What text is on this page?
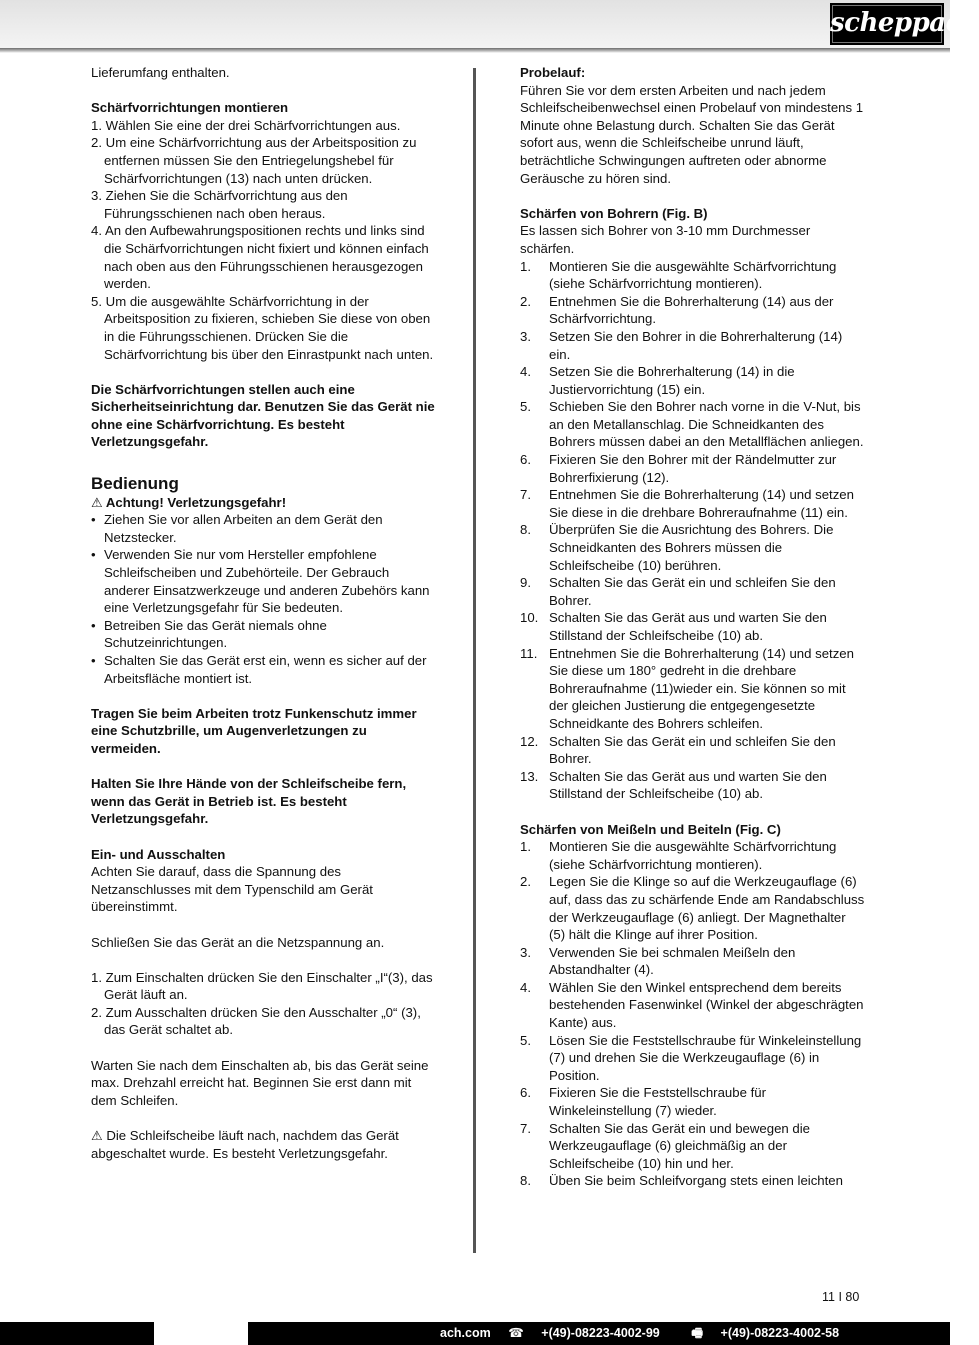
scheppach

Lieferumfang enthalten.

Schärfvorrichtungen montieren

1. Wählen Sie eine der drei Schärfvorrichtungen aus.
2. Um eine Schärfvorrichtung aus der Arbeitsposition zu entfernen müssen Sie den Entriegelungshebel für Schärfvorrichtungen (13) nach unten drücken.
3. Ziehen Sie die Schärfvorrichtung aus den Führungsschienen nach oben heraus.
4. An den Aufbewahrungspositionen rechts und links sind die Schärfvorrichtungen nicht fixiert und können einfach nach oben aus den Führungsschienen herausgezogen werden.
5. Um die ausgewählte Schärfvorrichtung in der Arbeitsposition zu fixieren, schieben Sie diese von oben in die Führungsschienen. Drücken Sie die Schärfvorrichtung bis über den Einrastpunkt nach unten.

Die Schärfvorrichtungen stellen auch eine Sicherheitseinrichtung dar. Benutzen Sie das Gerät nie ohne eine Schärfvorrichtung. Es besteht Verletzungsgefahr.

Bedienung

⚠ Achtung! Verletzungsgefahr!

• Ziehen Sie vor allen Arbeiten an dem Gerät den Netzstecker.
• Verwenden Sie nur vom Hersteller empfohlene Schleifscheiben und Zubehörteile. Der Gebrauch anderer Einsatzwerkzeuge und anderen Zubehörs kann eine Verletzungsgefahr für Sie bedeuten.
• Betreiben Sie das Gerät niemals ohne Schutzeinrichtungen.
• Schalten Sie das Gerät erst ein, wenn es sicher auf der Arbeitsfläche montiert ist.

Tragen Sie beim Arbeiten trotz Funkenschutz immer eine Schutzbrille, um Augenverletzungen zu vermeiden.

Halten Sie Ihre Hände von der Schleifscheibe fern, wenn das Gerät in Betrieb ist. Es besteht Verletzungsgefahr.

Ein- und Ausschalten

Achten Sie darauf, dass die Spannung des Netzanschlusses mit dem Typenschild am Gerät übereinstimmt.

Schließen Sie das Gerät an die Netzspannung an.

1. Zum Einschalten drücken Sie den Einschalter „I“(3), das Gerät läuft an.
2. Zum Ausschalten drücken Sie den Ausschalter „0“ (3), das Gerät schaltet ab.

Warten Sie nach dem Einschalten ab, bis das Gerät seine max. Drehzahl erreicht hat. Beginnen Sie erst dann mit dem Schleifen.

⚠ Die Schleifscheibe läuft nach, nachdem das Gerät abgeschaltet wurde. Es besteht Verletzungsgefahr.

Probelauf:

Führen Sie vor dem ersten Arbeiten und nach jedem Schleifscheibenwechsel einen Probelauf von mindestens 1 Minute ohne Belastung durch. Schalten Sie das Gerät sofort aus, wenn die Schleifscheibe unrund läuft, beträchtliche Schwingungen auftreten oder abnorme Geräusche zu hören sind.

Schärfen von Bohrern (Fig. B)

Es lassen sich Bohrer von 3-10 mm Durchmesser schärfen.

1. Montieren Sie die ausgewählte Schärfvorrichtung (siehe Schärfvorrichtung montieren).
2. Entnehmen Sie die Bohrerhalterung (14) aus der Schärfvorrichtung.
3. Setzen Sie den Bohrer in die Bohrerhalterung (14) ein.
4. Setzen Sie die Bohrerhalterung (14) in die Justiervorrichtung (15) ein.
5. Schieben Sie den Bohrer nach vorne in die V-Nut, bis an den Metallanschlag. Die Schneidkanten des Bohrers müssen dabei an den Metallflächen anliegen.
6. Fixieren Sie den Bohrer mit der Rändelmutter zur Bohrerfixierung (12).
7. Entnehmen Sie die Bohrerhalterung (14) und setzen Sie diese in die drehbare Bohreraufnahme (11) ein.
8. Überprüfen Sie die Ausrichtung des Bohrers. Die Schneidkanten des Bohrers müssen die Schleifscheibe (10) berühren.
9. Schalten Sie das Gerät ein und schleifen Sie den Bohrer.
10. Schalten Sie das Gerät aus und warten Sie den Stillstand der Schleifscheibe (10) ab.
11. Entnehmen Sie die Bohrerhalterung (14) und setzen Sie diese um 180° gedreht in die drehbare Bohreraufnahme (11)wieder ein. Sie können so mit der gleichen Justierung die entgegengesetzte Schneidkante des Bohrers schleifen.
12. Schalten Sie das Gerät ein und schleifen Sie den Bohrer.
13. Schalten Sie das Gerät aus und warten Sie den Stillstand der Schleifscheibe (10) ab.

Schärfen von Meißeln und Beiteln (Fig. C)

1. Montieren Sie die ausgewählte Schärfvorrichtung (siehe Schärfvorrichtung montieren).
2. Legen Sie die Klinge so auf die Werkzeugauflage (6) auf, dass das zu schärfende Ende am Randabschluss der Werkzeugauflage (6) anliegt. Der Magnethalter (5) hält die Klinge auf ihrer Position.
3. Verwenden Sie bei schmalen Meißeln den Abstandhalter (4).
4. Wählen Sie den Winkel entsprechend dem bereits bestehenden Fasenwinkel (Winkel der abgeschrägten Kante) aus.
5. Lösen Sie die Feststellschraube für Winkeleinstellung (7) und drehen Sie die Werkzeugauflage (6) in Position.
6. Fixieren Sie die Feststellschraube für Winkeleinstellung (7) wieder.
7. Schalten Sie das Gerät ein und bewegen die Werkzeugauflage (6) gleichmäßig an der Schleifscheibe (10) hin und her.
8. Üben Sie beim Schleifvorgang stets einen leichten
11 I 80
ach.com ☎ +(49)-08223-4002-99	🖷 +(49)-08223-4002-58
